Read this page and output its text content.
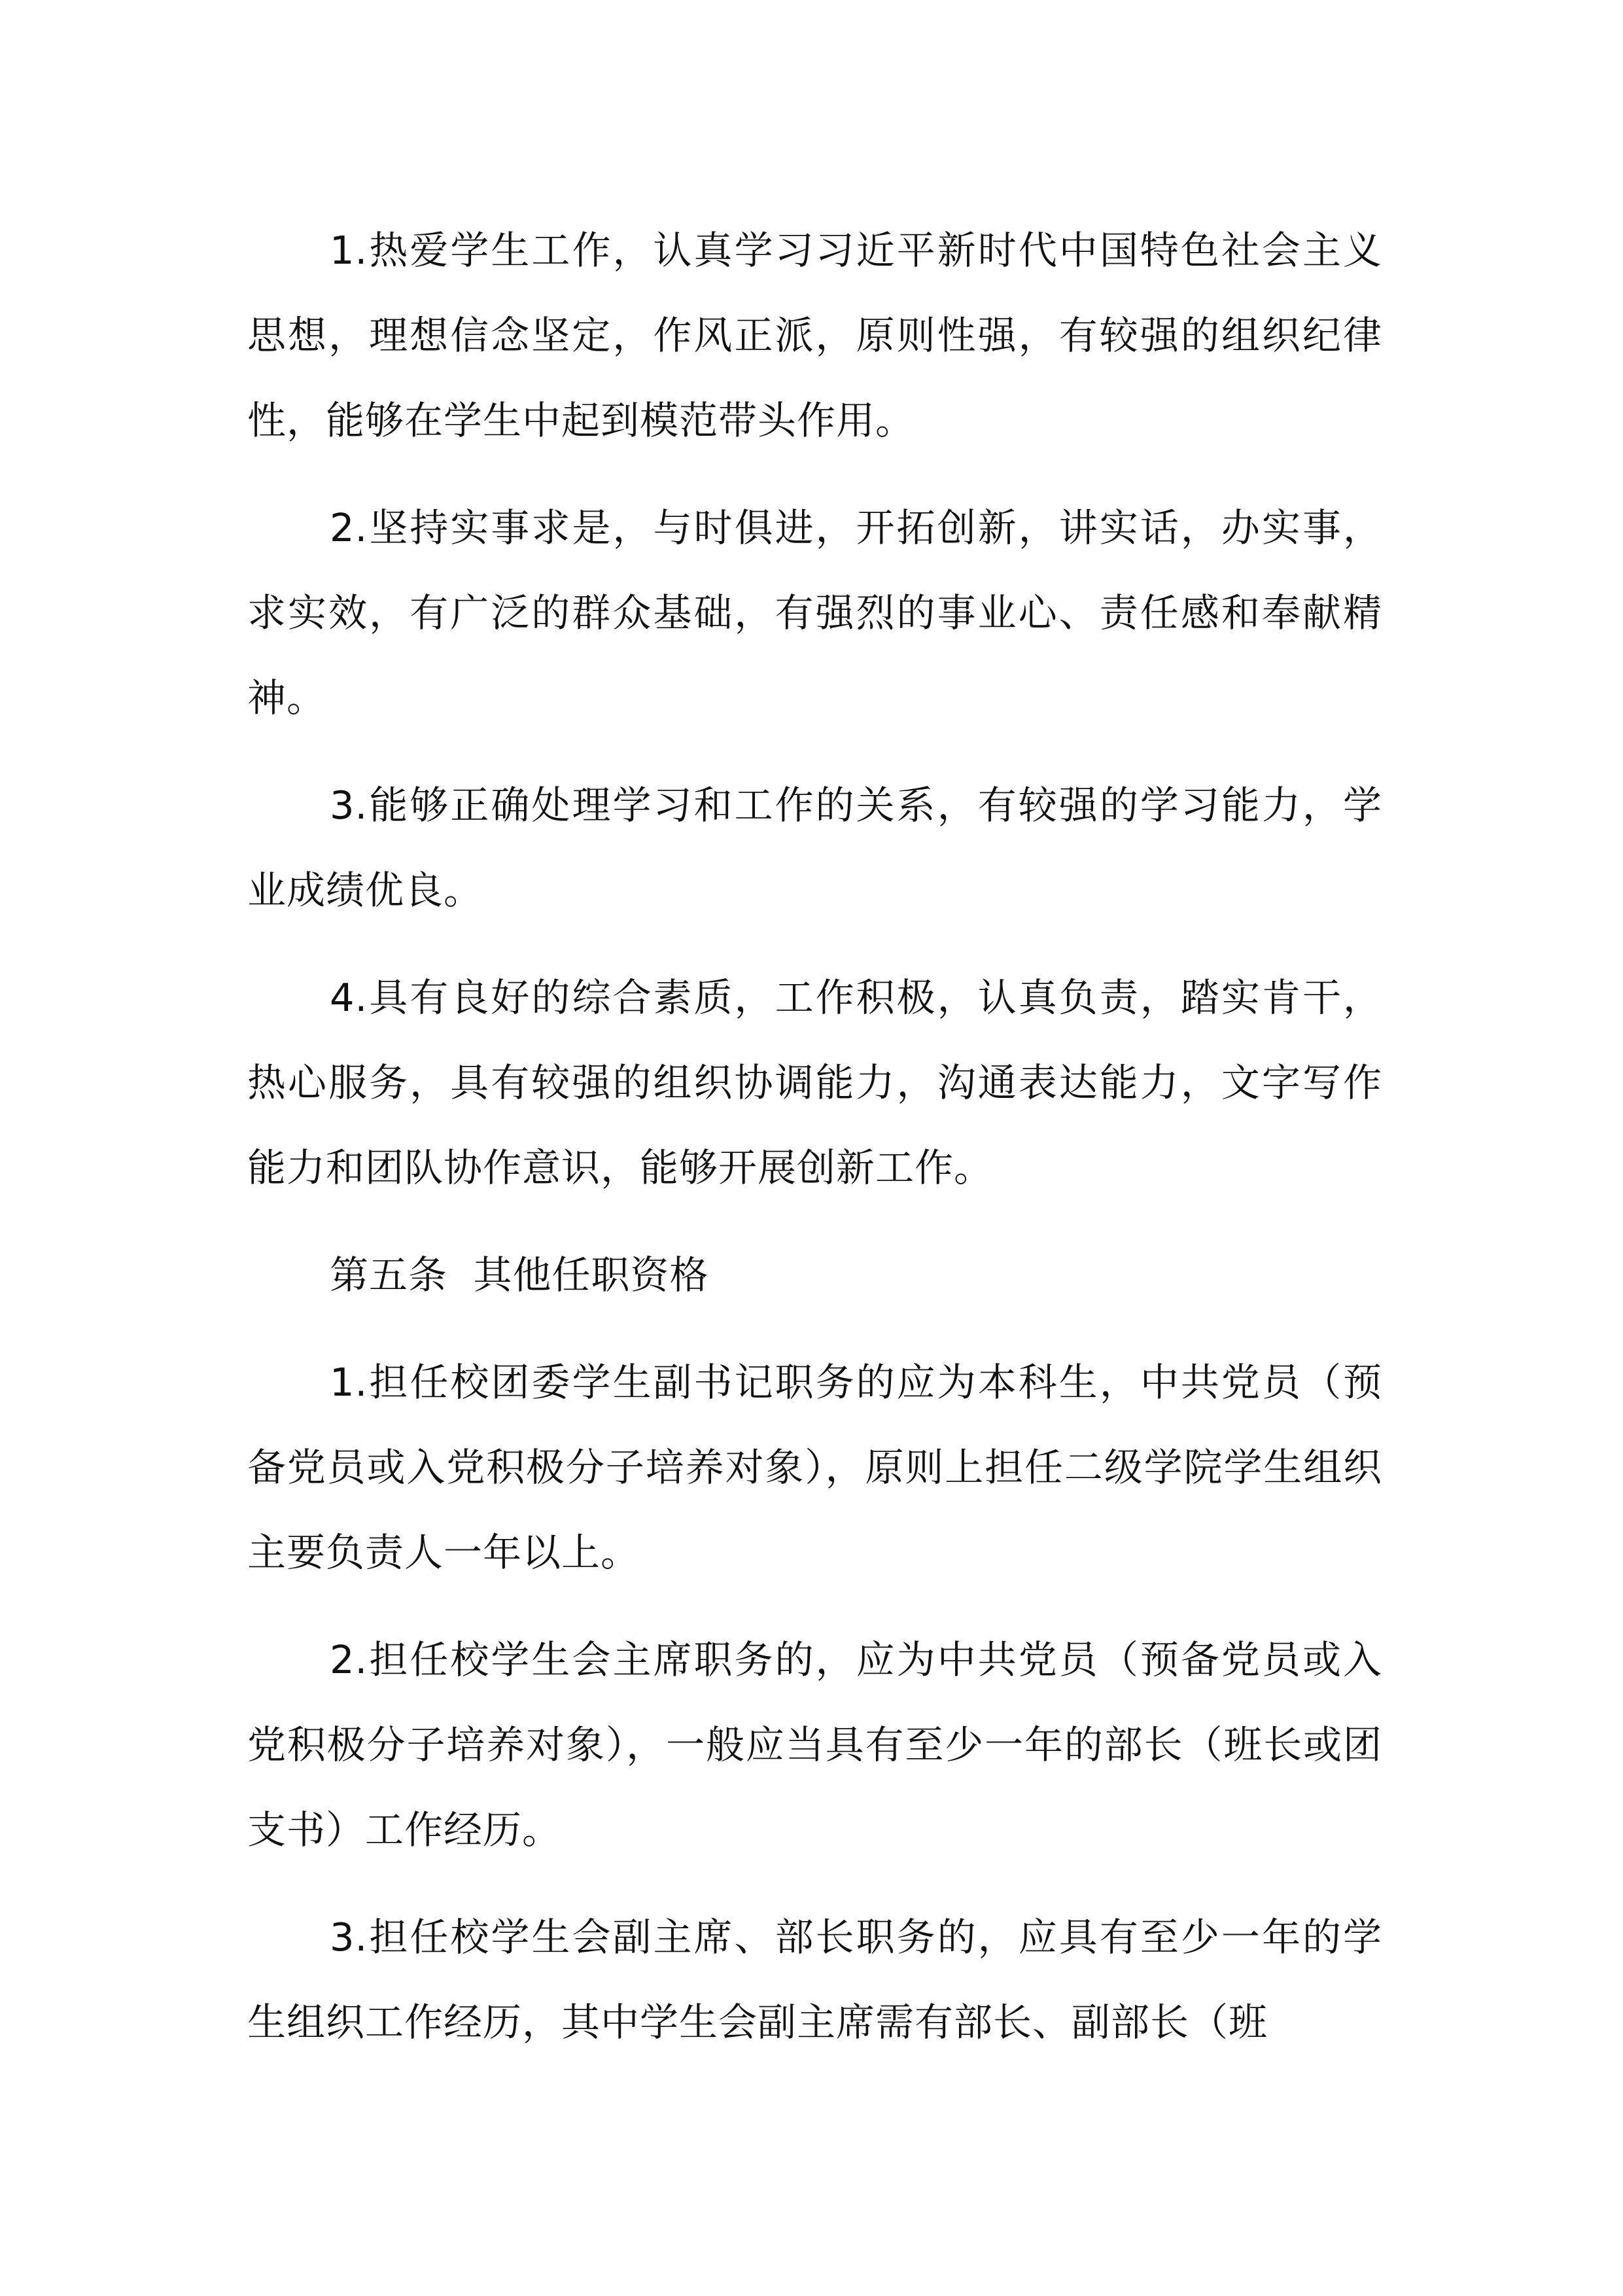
1.热爱学生工作，认真学习习近平新时代中国特色社会主义思想，理想信念坚定，作风正派，原则性强，有较强的组织纪律性，能够在学生中起到模范带头作用。

2.坚持实事求是，与时俱进，开拓创新，讲实话，办实事，求实效，有广泛的群众基础，有强烈的事业心、责任感和奉献精神。

3.能够正确处理学习和工作的关系，有较强的学习能力，学业成绩优良。

4.具有良好的综合素质，工作积极，认真负责，踏实肯干，热心服务，具有较强的组织协调能力，沟通表达能力，文字写作能力和团队协作意识，能够开展创新工作。

第五条  其他任职资格

1.担任校团委学生副书记职务的应为本科生，中共党员（预备党员或入党积极分子培养对象），原则上担任二级学院学生组织主要负责人一年以上。

2.担任校学生会主席职务的，应为中共党员（预备党员或入党积极分子培养对象），一般应当具有至少一年的部长（班长或团支书）工作经历。

3.担任校学生会副主席、部长职务的，应具有至少一年的学生组织工作经历，其中学生会副主席需有部长、副部长（班
